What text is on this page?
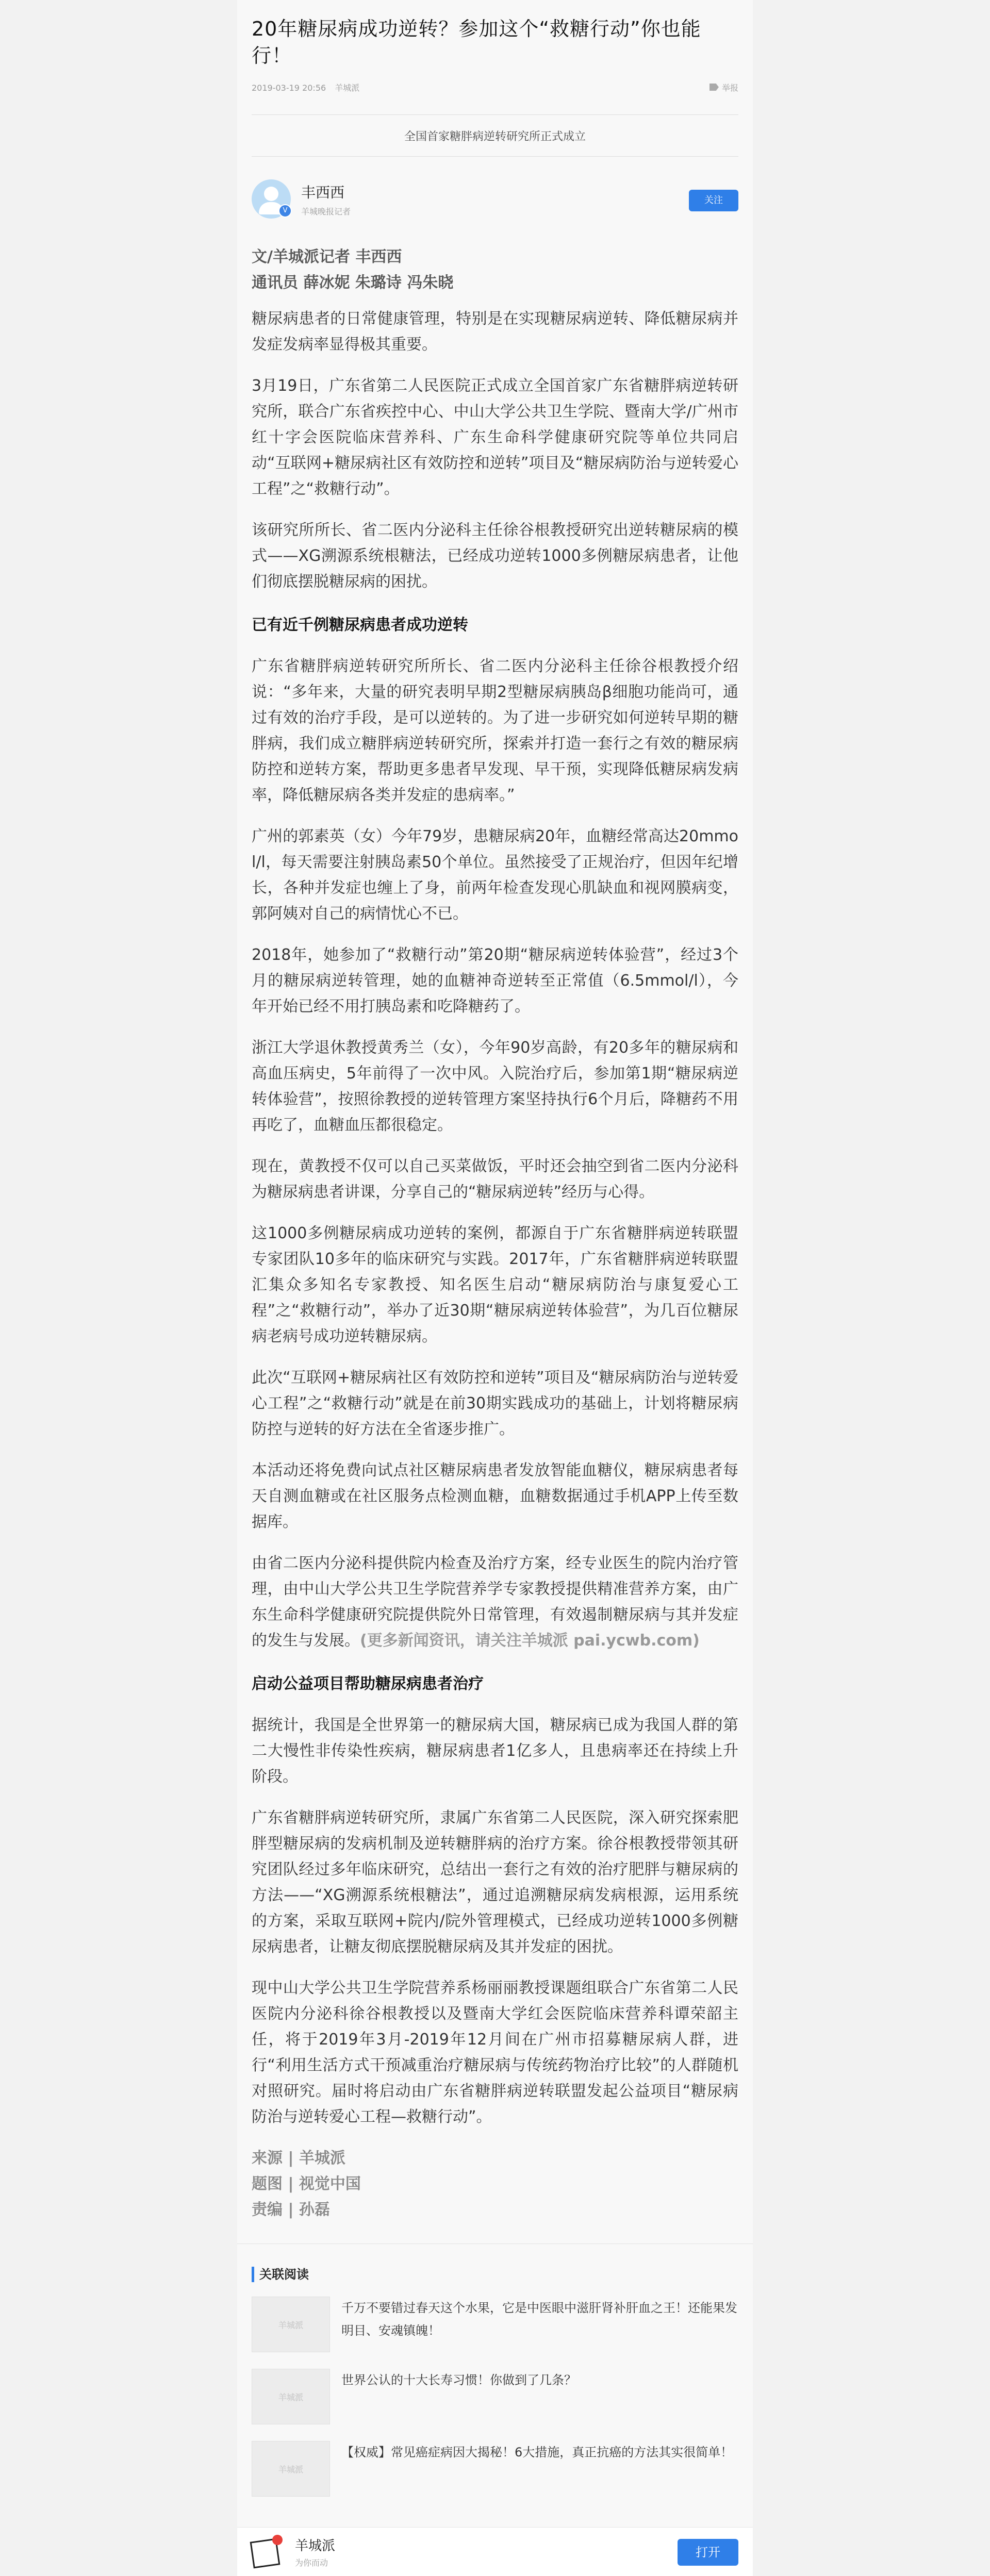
20年糖尿病成功逆转？参加这个“救糖行动”你也能行！
2019-03-19 20:56 羊城派	举报
全国首家糖胖病逆转研究所正式成立
V
丰西西
羊城晚报记者
关注
文/羊城派记者 丰西西
通讯员 薛冰妮 朱璐诗 冯朱晓

糖尿病患者的日常健康管理，特别是在实现糖尿病逆转、降低糖尿病并发症发病率显得极其重要。

3月19日，广东省第二人民医院正式成立全国首家广东省糖胖病逆转研究所，联合广东省疾控中心、中山大学公共卫生学院、暨南大学/广州市红十字会医院临床营养科、广东生命科学健康研究院等单位共同启动“互联网+糖尿病社区有效防控和逆转”项目及“糖尿病防治与逆转爱心工程”之“救糖行动”。

该研究所所长、省二医内分泌科主任徐谷根教授研究出逆转糖尿病的模式——XG溯源系统根糖法，已经成功逆转1000多例糖尿病患者，让他们彻底摆脱糖尿病的困扰。

已有近千例糖尿病患者成功逆转

广东省糖胖病逆转研究所所长、省二医内分泌科主任徐谷根教授介绍说：“多年来，大量的研究表明早期2型糖尿病胰岛β细胞功能尚可，通过有效的治疗手段，是可以逆转的。为了进一步研究如何逆转早期的糖胖病，我们成立糖胖病逆转研究所，探索并打造一套行之有效的糖尿病防控和逆转方案，帮助更多患者早发现、早干预，实现降低糖尿病发病率，降低糖尿病各类并发症的患病率。”

广州的郭素英（女）今年79岁，患糖尿病20年，血糖经常高达20mmol/l，每天需要注射胰岛素50个单位。虽然接受了正规治疗，但因年纪增长，各种并发症也缠上了身，前两年检查发现心肌缺血和视网膜病变，郭阿姨对自己的病情忧心不已。

2018年，她参加了“救糖行动”第20期“糖尿病逆转体验营”，经过3个月的糖尿病逆转管理，她的血糖神奇逆转至正常值（6.5mmol/l），今年开始已经不用打胰岛素和吃降糖药了。

浙江大学退休教授黄秀兰（女），今年90岁高龄，有20多年的糖尿病和高血压病史，5年前得了一次中风。入院治疗后，参加第1期“糖尿病逆转体验营”，按照徐教授的逆转管理方案坚持执行6个月后，降糖药不用再吃了，血糖血压都很稳定。

现在，黄教授不仅可以自己买菜做饭，平时还会抽空到省二医内分泌科为糖尿病患者讲课，分享自己的“糖尿病逆转”经历与心得。

这1000多例糖尿病成功逆转的案例，都源自于广东省糖胖病逆转联盟专家团队10多年的临床研究与实践。2017年，广东省糖胖病逆转联盟汇集众多知名专家教授、知名医生启动“糖尿病防治与康复爱心工程”之“救糖行动”，举办了近30期“糖尿病逆转体验营”，为几百位糖尿病老病号成功逆转糖尿病。

此次“互联网+糖尿病社区有效防控和逆转”项目及“糖尿病防治与逆转爱心工程”之“救糖行动”就是在前30期实践成功的基础上，计划将糖尿病防控与逆转的好方法在全省逐步推广。

本活动还将免费向试点社区糖尿病患者发放智能血糖仪，糖尿病患者每天自测血糖或在社区服务点检测血糖，血糖数据通过手机APP上传至数据库。

由省二医内分泌科提供院内检查及治疗方案，经专业医生的院内治疗管理，由中山大学公共卫生学院营养学专家教授提供精准营养方案，由广东生命科学健康研究院提供院外日常管理，有效遏制糖尿病与其并发症的发生与发展。(更多新闻资讯，请关注羊城派 pai.ycwb.com)

启动公益项目帮助糖尿病患者治疗

据统计，我国是全世界第一的糖尿病大国，糖尿病已成为我国人群的第二大慢性非传染性疾病，糖尿病患者1亿多人，且患病率还在持续上升阶段。

广东省糖胖病逆转研究所，隶属广东省第二人民医院，深入研究探索肥胖型糖尿病的发病机制及逆转糖胖病的治疗方案。徐谷根教授带领其研究团队经过多年临床研究，总结出一套行之有效的治疗肥胖与糖尿病的方法——“XG溯源系统根糖法”，通过追溯糖尿病发病根源，运用系统的方案，采取互联网+院内/院外管理模式，已经成功逆转1000多例糖尿病患者，让糖友彻底摆脱糖尿病及其并发症的困扰。

现中山大学公共卫生学院营养系杨丽丽教授课题组联合广东省第二人民医院内分泌科徐谷根教授以及暨南大学红会医院临床营养科谭荣韶主任，将于2019年3月-2019年12月间在广州市招募糖尿病人群，进行“利用生活方式干预减重治疗糖尿病与传统药物治疗比较”的人群随机对照研究。届时将启动由广东省糖胖病逆转联盟发起公益项目“糖尿病防治与逆转爱心工程—救糖行动”。

来源 | 羊城派
题图 | 视觉中国
责编 | 孙磊
关联阅读
羊城派
千万不要错过春天这个水果，它是中医眼中滋肝肾补肝血之王！还能果发明目、安魂镇魄！
羊城派
世界公认的十大长寿习惯！你做到了几条？
羊城派
【权威】常见癌症病因大揭秘！6大措施，真正抗癌的方法其实很简单！
羊城派
为你而动
打开
